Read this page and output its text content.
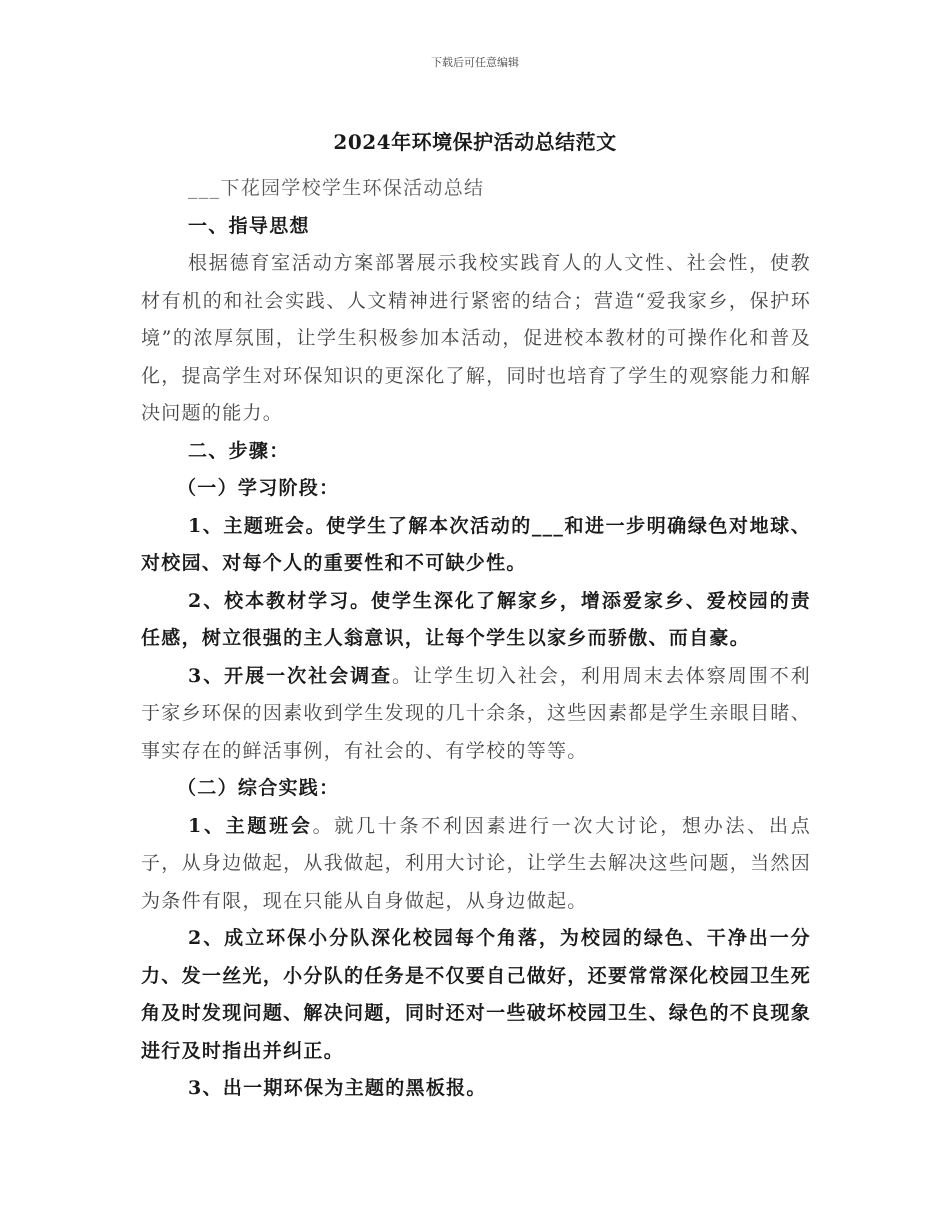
下载后可任意编辑
2024年环境保护活动总结范文

___下花园学校学生环保活动总结

一、指导思想

根据德育室活动方案部署展示我校实践育人的人文性、社会性，使教材有机的和社会实践、人文精神进行紧密的结合；营造“爱我家乡，保护环境”的浓厚氛围，让学生积极参加本活动，促进校本教材的可操作化和普及化，提高学生对环保知识的更深化了解，同时也培育了学生的观察能力和解决问题的能力。

二、步骤：

（一）学习阶段：

1、主题班会。使学生了解本次活动的___和进一步明确绿色对地球、对校园、对每个人的重要性和不可缺少性。

2、校本教材学习。使学生深化了解家乡，增添爱家乡、爱校园的责任感，树立很强的主人翁意识，让每个学生以家乡而骄傲、而自豪。

3、开展一次社会调查。让学生切入社会，利用周末去体察周围不利于家乡环保的因素收到学生发现的几十余条，这些因素都是学生亲眼目睹、事实存在的鲜活事例，有社会的、有学校的等等。

（二）综合实践：

1、主题班会。就几十条不利因素进行一次大讨论，想办法、出点子，从身边做起，从我做起，利用大讨论，让学生去解决这些问题，当然因为条件有限，现在只能从自身做起，从身边做起。

2、成立环保小分队深化校园每个角落，为校园的绿色、干净出一分力、发一丝光，小分队的任务是不仅要自己做好，还要常常深化校园卫生死角及时发现问题、解决问题，同时还对一些破坏校园卫生、绿色的不良现象进行及时指出并纠正。

3、出一期环保为主题的黑板报。
